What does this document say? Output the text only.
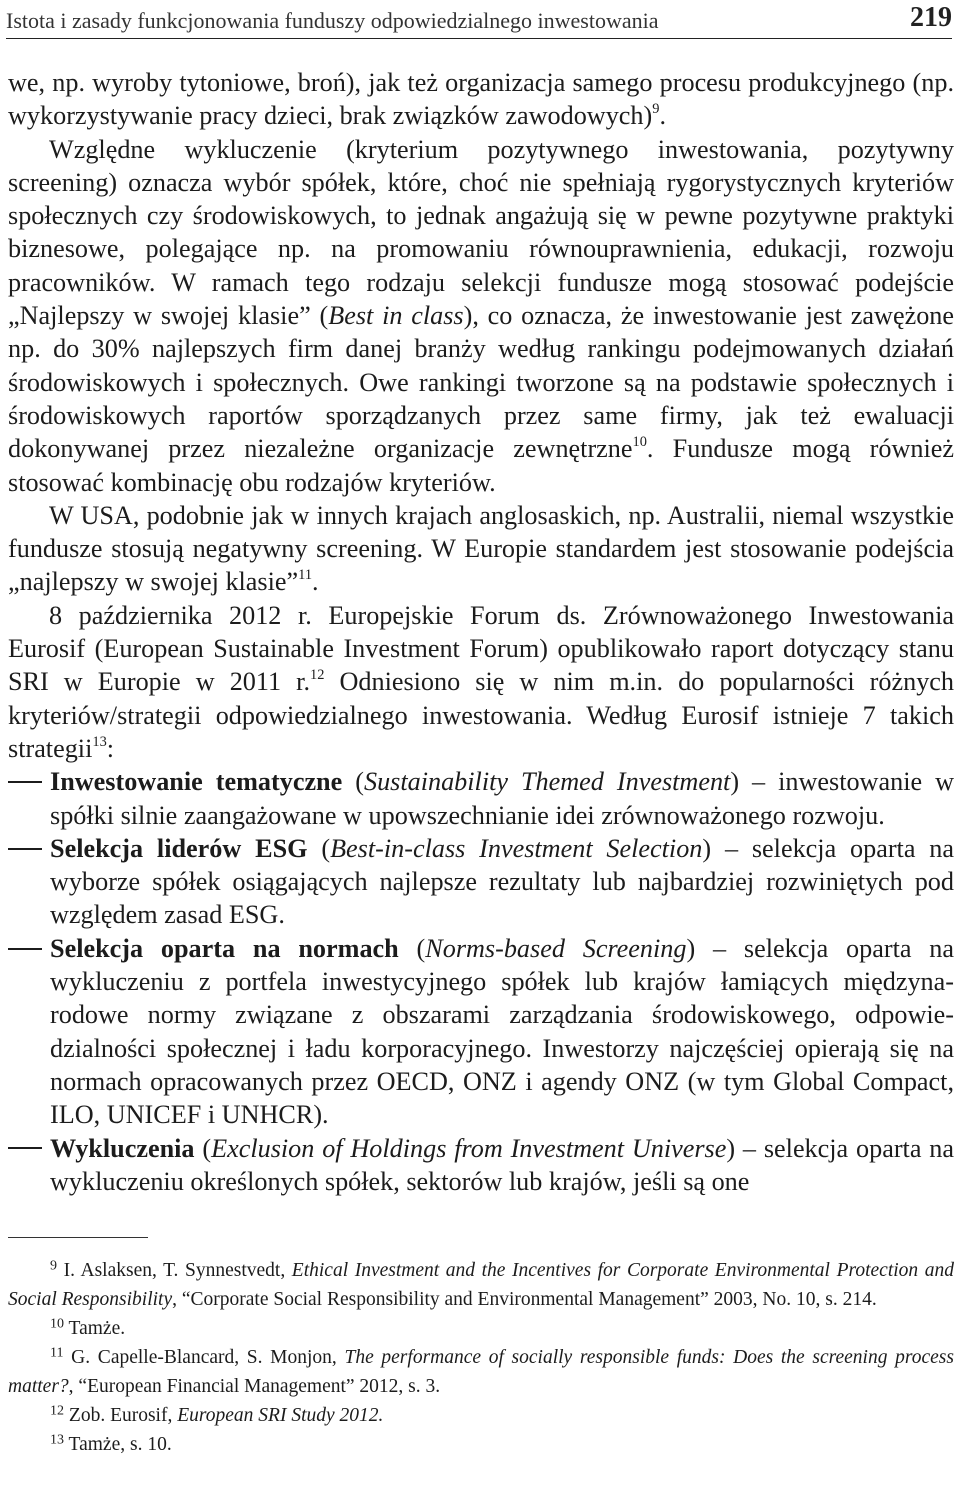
Istota i zasady funkcjonowania funduszy odpowiedzialnego inwestowania	219

we, np. wyroby tytoniowe, broń), jak też organizacja samego procesu produkcyjnego (np. wykorzystywanie pracy dzieci, brak związków zawodowych)$^9$.

Względne wykluczenie (kryterium pozytywnego inwestowania, pozytywny screening) oznacza wybór spółek, które, choć nie spełniają rygorystycznych kryteriów społecznych czy środowiskowych, to jednak angażują się w pewne pozytywne praktyki biznesowe, polegające np. na promowaniu równouprawnienia, edukacji, rozwoju pracowników. W ramach tego rodzaju selekcji fundusze mogą stosować podejście „Najlepszy w swojej klasie” (Best in class), co oznacza, że inwestowanie jest zawężone np. do 30% najlepszych firm danej branży według rankingu podejmowanych działań środowiskowych i społecznych. Owe rankingi tworzone są na podstawie społecznych i środowiskowych raportów sporządzanych przez same firmy, jak też ewaluacji dokonywanej przez niezależne organizacje zewnętrzne$^{10}$. Fundusze mogą również stosować kombinację obu rodzajów kryteriów.

W USA, podobnie jak w innych krajach anglosaskich, np. Australii, niemal wszystkie fundusze stosują negatywny screening. W Europie standardem jest stosowanie podejścia „najlepszy w swojej klasie”$^{11}$.

8 października 2012 r. Europejskie Forum ds. Zrównoważonego Inwestowania Eurosif (European Sustainable Investment Forum) opublikowało raport dotyczący stanu SRI w Europie w 2011 r.$^{12}$ Odniesiono się w nim m.in. do popularności różnych kryteriów/strategii odpowiedzialnego inwestowania. Według Eurosif istnieje 7 takich strategii$^{13}$:

Inwestowanie tematyczne (Sustainability Themed Investment) – inwestowanie w spółki silnie zaangażowane w upowszechnianie idei zrównoważonego rozwoju.

Selekcja liderów ESG (Best-in-class Investment Selection) – selekcja oparta na wyborze spółek osiągających najlepsze rezultaty lub najbardziej rozwiniętych pod względem zasad ESG.

Selekcja oparta na normach (Norms-based Screening) – selekcja oparta na wykluczeniu z portfela inwestycyjnego spółek lub krajów łamiących międzynarodowe normy związane z obszarami zarządzania środowiskowego, odpowiedzialności społecznej i ładu korporacyjnego. Inwestorzy najczęściej opierają się na normach opracowanych przez OECD, ONZ i agendy ONZ (w tym Global Compact, ILO, UNICEF i UNHCR).

Wykluczenia (Exclusion of Holdings from Investment Universe) – selekcja oparta na wykluczeniu określonych spółek, sektorów lub krajów, jeśli są one

$^9$ I. Aslaksen, T. Synnestvedt, Ethical Investment and the Incentives for Corporate Environmental Protection and Social Responsibility, “Corporate Social Responsibility and Environmental Management” 2003, No. 10, s. 214.

$^{10}$ Tamże.

$^{11}$ G. Capelle-Blancard, S. Monjon, The performance of socially responsible funds: Does the screening process matter?, “European Financial Management” 2012, s. 3.

$^{12}$ Zob. Eurosif, European SRI Study 2012.

$^{13}$ Tamże, s. 10.
